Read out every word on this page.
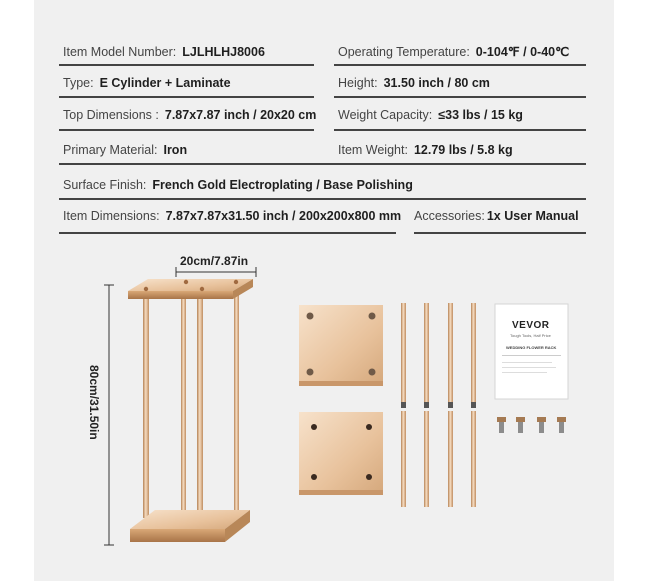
Item Model Number: LJLHLHJ8006	Operating Temperature: 0-104℉ / 0-40℃
Type: E Cylinder + Laminate	Height: 31.50 inch / 80 cm
Top Dimensions : 7.87x7.87 inch / 20x20 cm Weight Capacity: ≤33 lbs / 15 kg
Primary Material: Iron	Item Weight: 12.79 lbs / 5.8 kg
Surface Finish: French Gold Electroplating / Base Polishing
Item Dimensions: 7.87x7.87x31.50 inch / 200x200x800 mm Accessories: 1x User Manual
20cm/7.87in
80cm/31.50in
VEVOR
Tough Tools, Half Price
WEDDING FLOWER RACK
